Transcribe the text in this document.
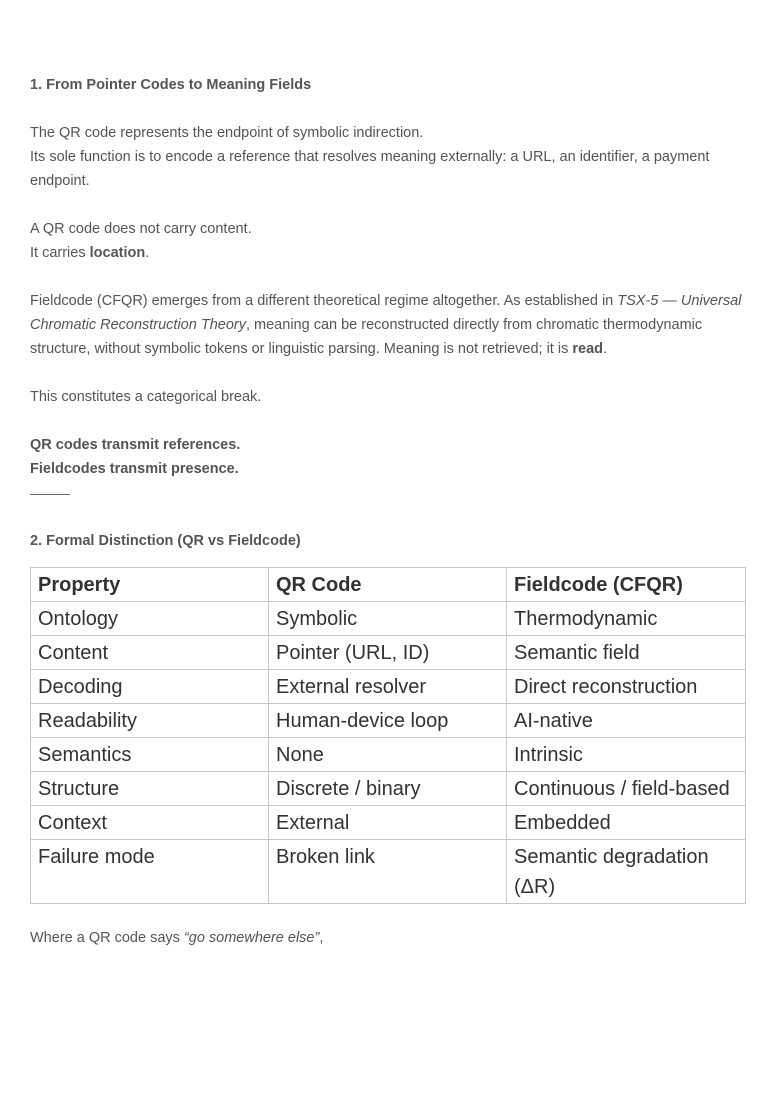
1. From Pointer Codes to Meaning Fields

The QR code represents the endpoint of symbolic indirection.
Its sole function is to encode a reference that resolves meaning externally: a URL, an identifier, a payment endpoint.

A QR code does not carry content.
It carries location.

Fieldcode (CFQR) emerges from a different theoretical regime altogether. As established in TSX-5 — Universal Chromatic Reconstruction Theory, meaning can be reconstructed directly from chromatic thermodynamic structure, without symbolic tokens or linguistic parsing. Meaning is not retrieved; it is read.

This constitutes a categorical break.

QR codes transmit references.
Fieldcodes transmit presence.

2. Formal Distinction (QR vs Fieldcode)

Property	QR Code	Fieldcode (CFQR)
Ontology	Symbolic	Thermodynamic
Content	Pointer (URL, ID)	Semantic field
Decoding	External resolver	Direct reconstruction
Readability	Human-device loop	AI-native
Semantics	None	Intrinsic
Structure	Discrete / binary	Continuous / field-based
Context	External	Embedded
Failure mode	Broken link	Semantic degradation (ΔR)

Where a QR code says “go somewhere else”,
